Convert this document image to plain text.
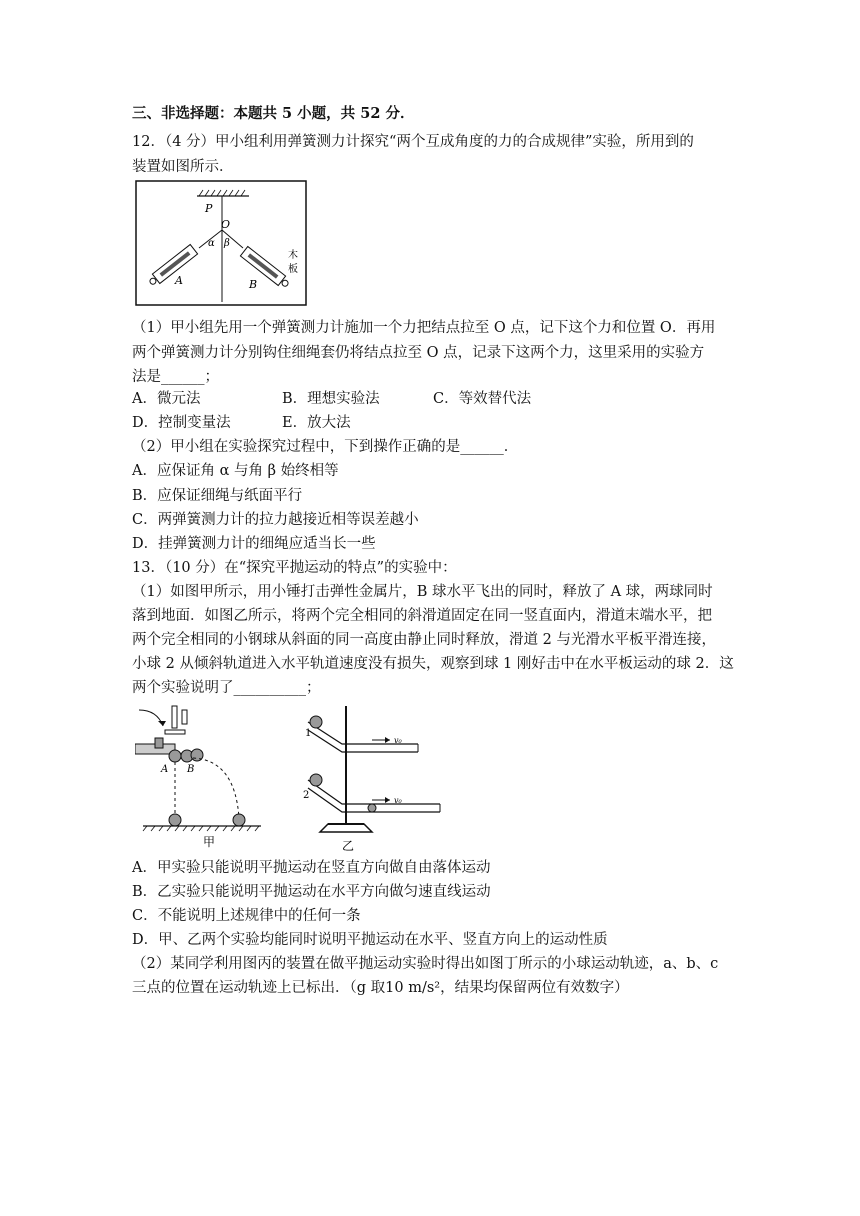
三、非选择题：本题共 5 小题，共 52 分．
12．（4 分）甲小组利用弹簧测力计探究“两个互成角度的力的合成规律”实验，所用到的
装置如图所示．
P
O
α β
A	B
木
板
（1）甲小组先用一个弹簧测力计施加一个力把结点拉至 O 点，记下这个力和位置 O．再用
两个弹簧测力计分别钩住细绳套仍将结点拉至 O 点，记录下这两个力，这里采用的实验方
法是______；
A．微元法	B．理想实验法	C．等效替代法
D．控制变量法	E．放大法
（2）甲小组在实验探究过程中，下到操作正确的是______．
A．应保证角 α 与角 β 始终相等
B．应保证细绳与纸面平行
C．两弹簧测力计的拉力越接近相等误差越小
D．挂弹簧测力计的细绳应适当长一些
13．（10 分）在“探究平抛运动的特点”的实验中：
（1）如图甲所示，用小锤打击弹性金属片，B 球水平飞出的同时，释放了 A 球，两球同时
落到地面．如图乙所示，将两个完全相同的斜滑道固定在同一竖直面内，滑道末端水平，把
两个完全相同的小钢球从斜面的同一高度由静止同时释放，滑道 2 与光滑水平板平滑连接，
小球 2 从倾斜轨道进入水平轨道速度没有损失，观察到球 1 刚好击中在水平板运动的球 2．这
两个实验说明了__________；
A B
甲
1
v₀
2	v₀
乙
A．甲实验只能说明平抛运动在竖直方向做自由落体运动
B．乙实验只能说明平抛运动在水平方向做匀速直线运动
C．不能说明上述规律中的任何一条
D．甲、乙两个实验均能同时说明平抛运动在水平、竖直方向上的运动性质
（2）某同学利用图丙的装置在做平抛运动实验时得出如图丁所示的小球运动轨迹，a、b、c
三点的位置在运动轨迹上已标出．（g 取10 m/s²，结果均保留两位有效数字）
